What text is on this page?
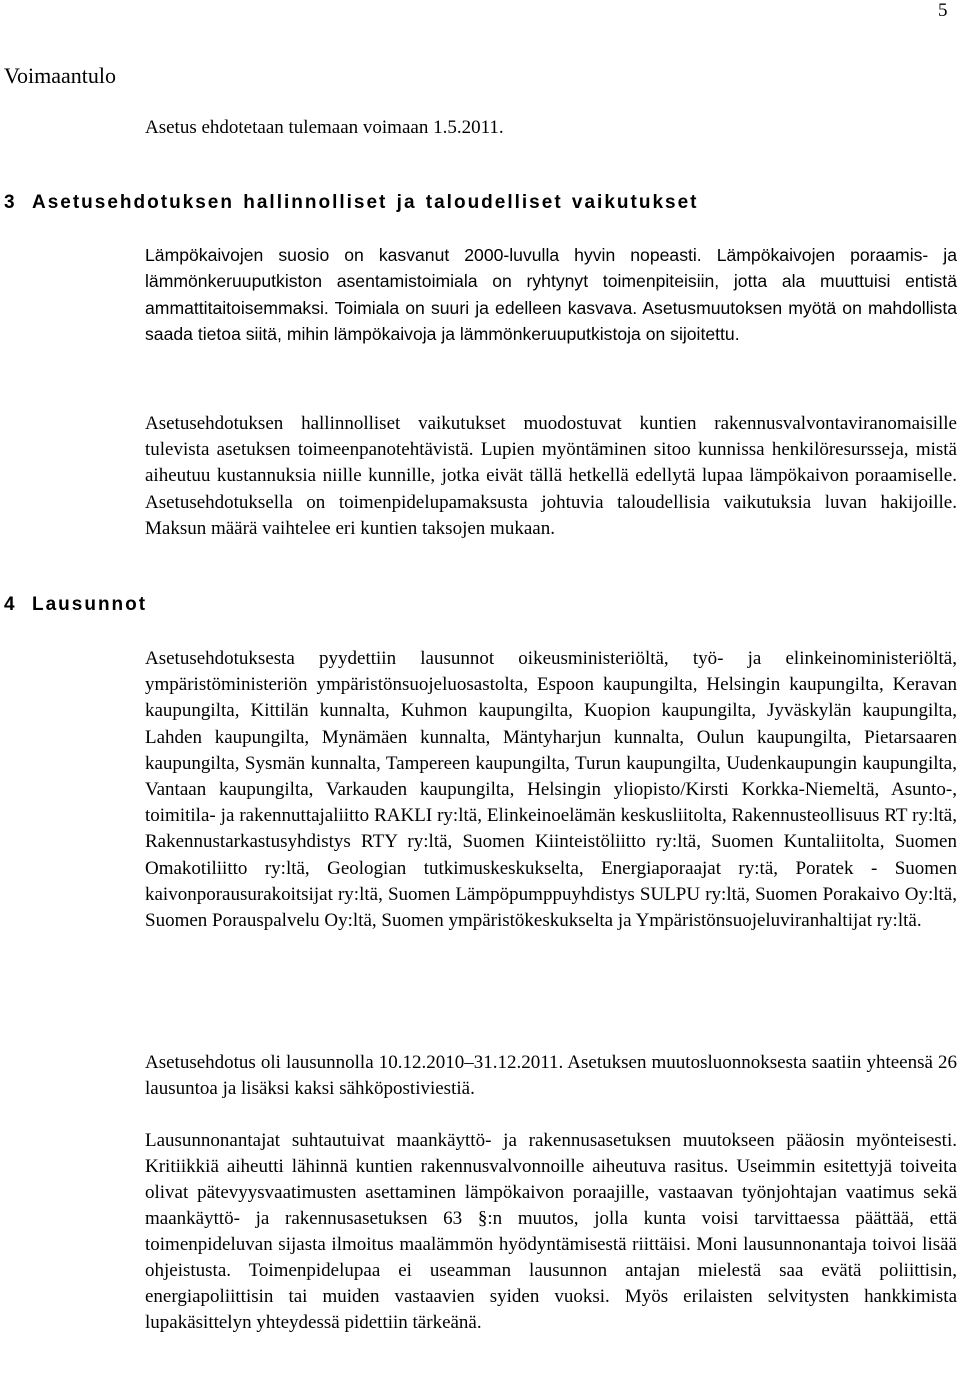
5
Voimaantulo
Asetus ehdotetaan tulemaan voimaan 1.5.2011.
3 Asetusehdotuksen hallinnolliset ja taloudelliset vaikutukset
Lämpökaivojen suosio on kasvanut 2000-luvulla hyvin nopeasti. Lämpökaivojen poraamis- ja lämmönkeruuputkiston asentamistoimiala on ryhtynyt toimenpiteisiin, jotta ala muuttuisi entistä ammattitaitoisemmaksi. Toimiala on suuri ja edelleen kasvava. Asetusmuutoksen myötä on mahdollista saada tietoa siitä, mihin lämpökaivoja ja lämmönkeruuputkistoja on sijoitettu.
Asetusehdotuksen hallinnolliset vaikutukset muodostuvat kuntien rakennusvalvontaviranomaisille tulevista asetuksen toimeenpanotehtävistä. Lupien myöntäminen sitoo kunnissa henkilöresursseja, mistä aiheutuu kustannuksia niille kunnille, jotka eivät tällä hetkellä edellytä lupaa lämpökaivon poraamiselle. Asetusehdotuksella on toimenpidelupamaksusta johtuvia taloudellisia vaikutuksia luvan hakijoille. Maksun määrä vaihtelee eri kuntien taksojen mukaan.
4 Lausunnot
Asetusehdotuksesta pyydettiin lausunnot oikeusministeriöltä, työ- ja elinkeinoministeriöltä, ympäristöministeriön ympäristönsuojeluosastolta, Espoon kaupungilta, Helsingin kaupungilta, Keravan kaupungilta, Kittilän kunnalta, Kuhmon kaupungilta, Kuopion kaupungilta, Jyväskylän kaupungilta, Lahden kaupungilta, Mynämäen kunnalta, Mäntyharjun kunnalta, Oulun kaupungilta, Pietarsaaren kaupungilta, Sysmän kunnalta, Tampereen kaupungilta, Turun kaupungilta, Uudenkaupungin kaupungilta, Vantaan kaupungilta, Varkauden kaupungilta, Helsingin yliopisto/Kirsti Korkka-Niemeltä, Asunto-, toimitila- ja rakennuttajaliitto RAKLI ry:ltä, Elinkeinoelämän keskusliitolta, Rakennusteollisuus RT ry:ltä, Rakennustarkastusyhdistys RTY ry:ltä, Suomen Kiinteistöliitto ry:ltä, Suomen Kuntaliitolta, Suomen Omakotiliitto ry:ltä, Geologian tutkimuskeskukselta, Energiaporaajat ry:tä, Poratek - Suomen kaivonporausurakoitsijat ry:ltä, Suomen Lämpöpumppuyhdistys SULPU ry:ltä, Suomen Porakaivo Oy:ltä, Suomen Porauspalvelu Oy:ltä, Suomen ympäristökeskukselta ja Ympäristönsuojeluviranhaltijat ry:ltä.
Asetusehdotus oli lausunnolla 10.12.2010–31.12.2011. Asetuksen muutosluonnoksesta saatiin yhteensä 26 lausuntoa ja lisäksi kaksi sähköpostiviestiä.
Lausunnonantajat suhtautuivat maankäyttö- ja rakennusasetuksen muutokseen pääosin myönteisesti. Kritiikkiä aiheutti lähinnä kuntien rakennusvalvonnoille aiheutuva rasitus. Useimmin esitettyjä toiveita olivat pätevyysvaatimusten asettaminen lämpökaivon poraajille, vastaavan työnjohtajan vaatimus sekä maankäyttö- ja rakennusasetuksen 63 §:n muutos, jolla kunta voisi tarvittaessa päättää, että toimenpideluvan sijasta ilmoitus maalämmön hyödyntämisestä riittäisi. Moni lausunnonantaja toivoi lisää ohjeistusta. Toimenpidelupaa ei useamman lausunnon antajan mielestä saa evätä poliittisin, energiapoliittisin tai muiden vastaavien syiden vuoksi. Myös erilaisten selvitysten hankkimista lupakäsittelyn yhteydessä pidettiin tärkeänä.
